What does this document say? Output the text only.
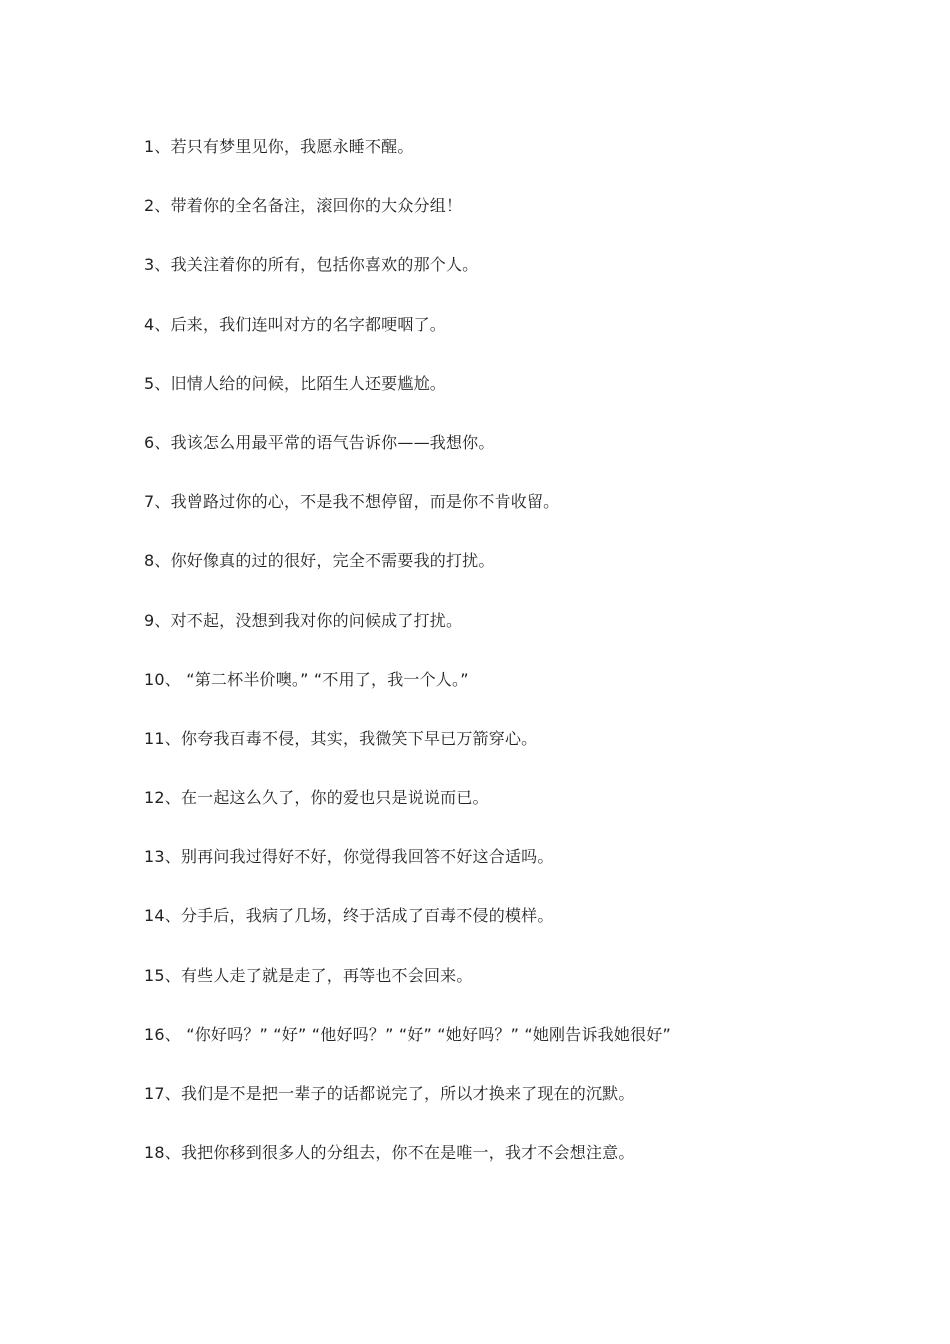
1、若只有梦里见你，我愿永睡不醒。
2、带着你的全名备注，滚回你的大众分组！
3、我关注着你的所有，包括你喜欢的那个人。
4、后来，我们连叫对方的名字都哽咽了。
5、旧情人给的问候，比陌生人还要尴尬。
6、我该怎么用最平常的语气告诉你——我想你。
7、我曾路过你的心，不是我不想停留，而是你不肯收留。
8、你好像真的过的很好，完全不需要我的打扰。
9、对不起，没想到我对你的问候成了打扰。
10、 “第二杯半价噢。” “不用了，我一个人。”
11、你夸我百毒不侵，其实，我微笑下早已万箭穿心。
12、在一起这么久了，你的爱也只是说说而已。
13、别再问我过得好不好，你觉得我回答不好这合适吗。
14、分手后，我病了几场，终于活成了百毒不侵的模样。
15、有些人走了就是走了，再等也不会回来。
16、 “你好吗？” “好” “他好吗？” “好” “她好吗？” “她刚告诉我她很好”
17、我们是不是把一辈子的话都说完了，所以才换来了现在的沉默。
18、我把你移到很多人的分组去，你不在是唯一，我才不会想注意。
